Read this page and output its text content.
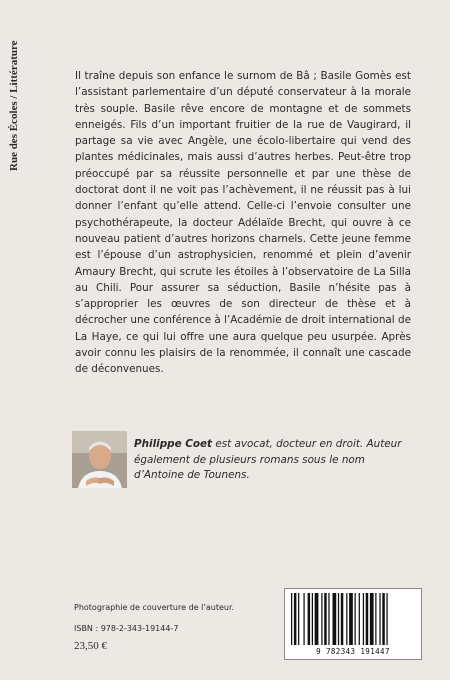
Rue des Écoles / Littérature	Il traîne depuis son enfance le surnom de Bâ ; Basile Gomès est l’assistant parlementaire d’un député conservateur à la morale très souple. Basile rêve encore de montagne et de sommets enneigés. Fils d’un important fruitier de la rue de Vaugirard, il partage sa vie avec Angèle, une écolo-libertaire qui vend des plantes médicinales, mais aussi d’autres herbes. Peut-être trop préoccupé par sa réussite personnelle et par une thèse de doctorat dont il ne voit pas l’achèvement, il ne réussit pas à lui donner l’enfant qu’elle attend. Celle-ci l’envoie consulter une psychothérapeute, la docteur Adélaïde Brecht, qui ouvre à ce nouveau patient d’autres horizons charnels. Cette jeune femme est l’épouse d’un astrophysicien, renommé et plein d’avenir Amaury Brecht, qui scrute les étoiles à l’observatoire de La Silla au Chili. Pour assurer sa séduction, Basile n’hésite pas à s’approprier les œuvres de son directeur de thèse et à décrocher une conférence à l’Académie de droit international de La Haye, ce qui lui offre une aura quelque peu usurpée. Après avoir connu les plaisirs de la renommée, il connaît une cascade de déconvenues.

Philippe Coet est avocat, docteur en droit. Auteur également de plusieurs romans sous le nom d’Antoine de Tounens.

Photographie de couverture de l’auteur.
ISBN : 978-2-343-19144-7
23,50 €	9 782343 191447
